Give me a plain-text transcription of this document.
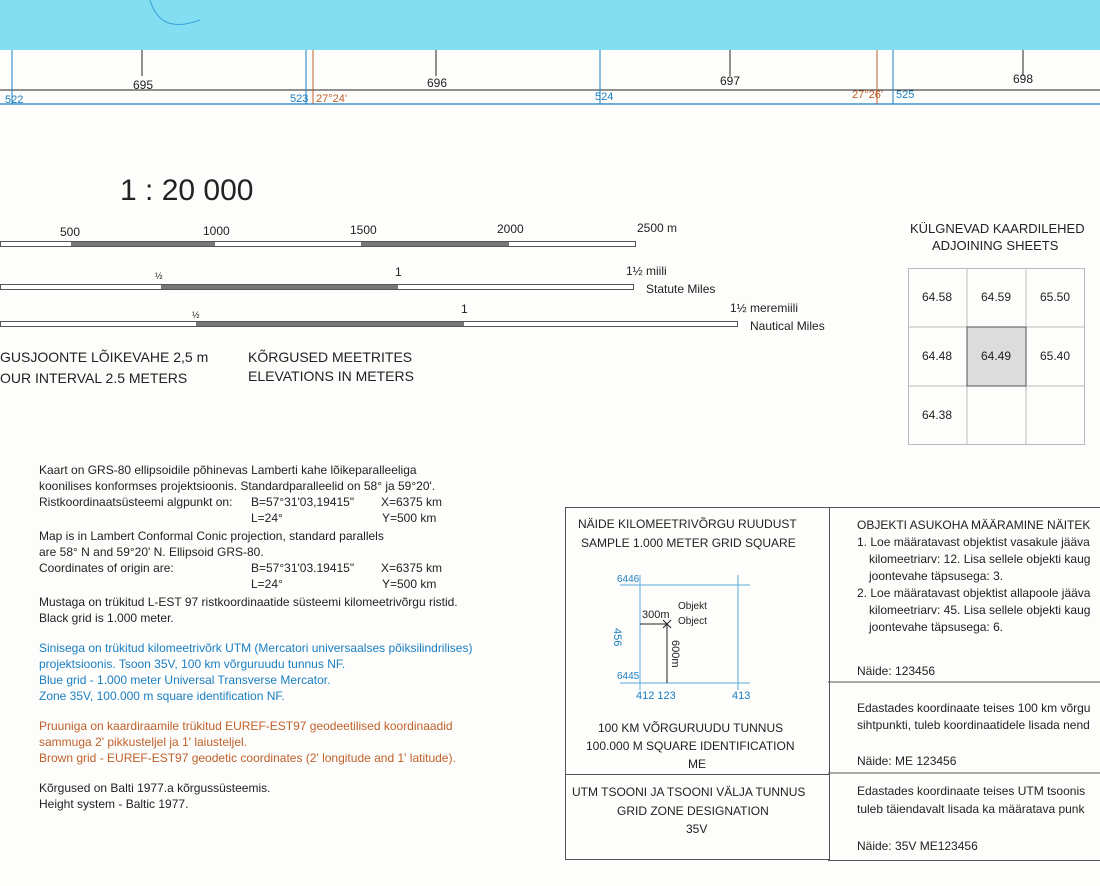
695	696	697	698
522	523 27°24'	524	27°26' 525
1 : 20 000
500	1000	1500	2000	2500 m
½	1	1½ miili
Statute Miles
½	1	1½ meremiili
Nautical Miles
GUSJOONTE LÕIKEVAHE 2,5 m
OUR INTERVAL 2.5 METERS
KÕRGUSED MEETRITES
ELEVATIONS IN METERS
KÜLGNEVAD KAARDILEHED
ADJOINING SHEETS
64.58	64.59	65.50
64.48	64.49	65.40
64.38
Kaart on GRS-80 ellipsoidile põhinevas Lamberti kahe lõikeparalleeliga
koonilises konformses projektsioonis. Standardparalleelid on 58° ja 59°20'.
Ristkoordinaatsüsteemi algpunkt on: B=57°31'03,19415" X=6375 km
L=24°	Y=500 km
Map is in Lambert Conformal Conic projection, standard parallels
are 58° N and 59°20' N. Ellipsoid GRS-80.
Coordinates of origin are:	B=57°31'03.19415" X=6375 km
L=24°	Y=500 km
Mustaga on trükitud L-EST 97 ristkoordinaatide süsteemi kilomeetrivõrgu ristid.
Black grid is 1.000 meter.
Sinisega on trükitud kilomeetrivõrk UTM (Mercatori universaalses põiksilindrilises)
projektsioonis. Tsoon 35V, 100 km võrguruudu tunnus NF.
Blue grid - 1.000 meter Universal Transverse Mercator.
Zone 35V, 100.000 m square identification NF.
Pruuniga on kaardiraamile trükitud EUREF-EST97 geodeetilised koordinaadid
sammuga 2' pikkusteljel ja 1' laiusteljel.
Brown grid - EUREF-EST97 geodetic coordinates (2' longitude and 1' latitude).
Kõrgused on Balti 1977.a kõrgussüsteemis.
Height system - Baltic 1977.
NÄIDE KILOMEETRIVÕRGU RUUDUST
SAMPLE 1.000 METER GRID SQUARE
6446
6445
412 123	413
300m
456
600m
Objekt
Object
100 KM VÕRGURUUDU TUNNUS
100.000 M SQUARE IDENTIFICATION
ME
UTM TSOONI JA TSOONI VÄLJA TUNNUS
GRID ZONE DESIGNATION
35V
OBJEKTI ASUKOHA MÄÄRAMINE NÄITEK
1. Loe määratavast objektist vasakule jääva
kilomeetriarv: 12. Lisa sellele objekti kaug
joontevahe täpsusega: 3.
2. Loe määratavast objektist allapoole jääva
kilomeetriarv: 45. Lisa sellele objekti kaug
joontevahe täpsusega: 6.
Näide: 123456
Edastades koordinaate teises 100 km võrgu
sihtpunkti, tuleb koordinaatidele lisada nend
Näide: ME 123456
Edastades koordinaate teises UTM tsoonis
tuleb täiendavalt lisada ka määratava punk
Näide: 35V ME123456
